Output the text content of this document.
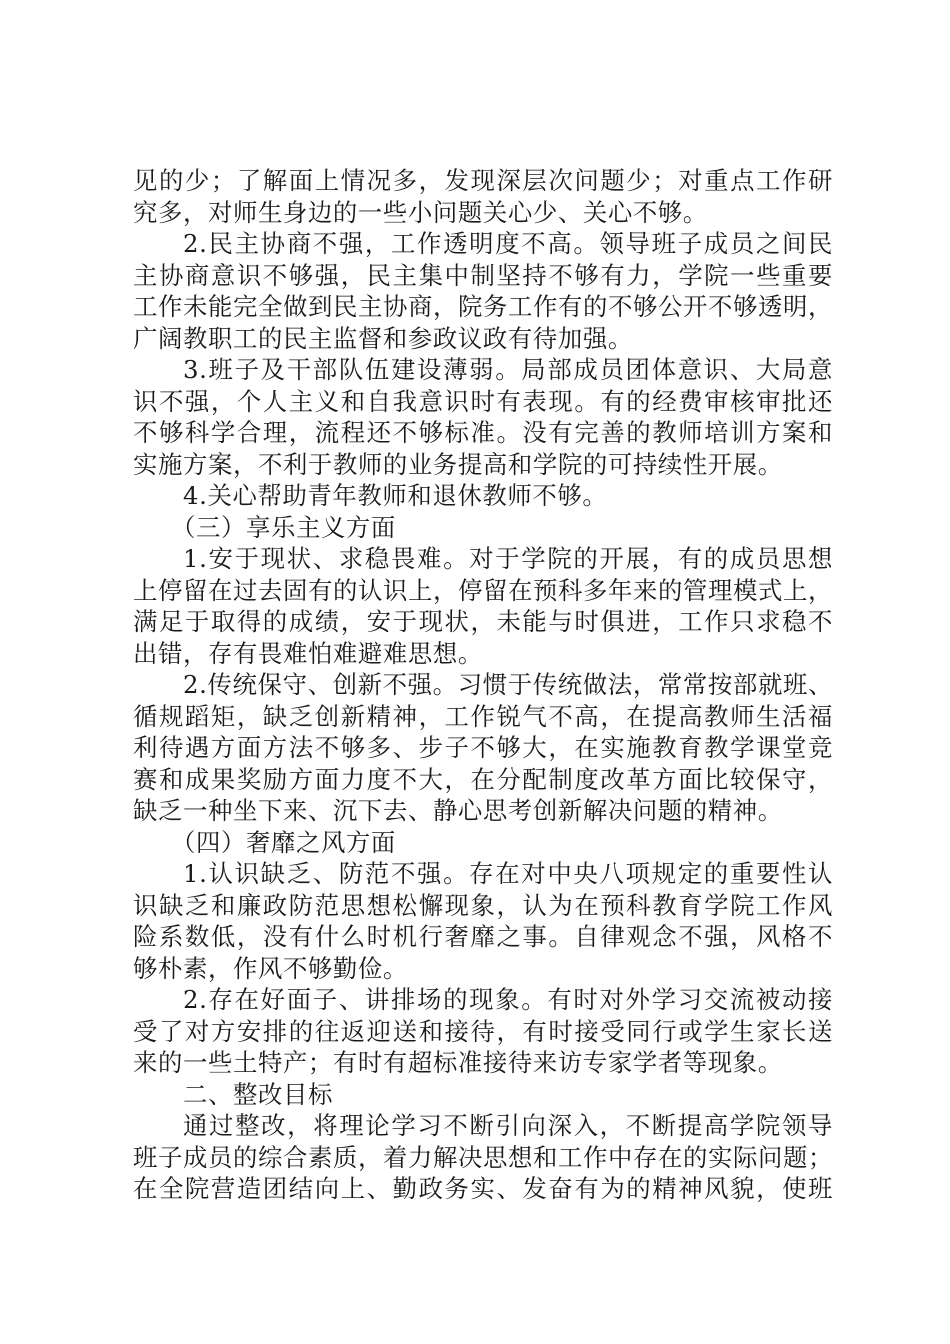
见的少；了解面上情况多，发现深层次问题少；对重点工作研
究多，对师生身边的一些小问题关心少、关心不够。
2.民主协商不强，工作透明度不高。领导班子成员之间民
主协商意识不够强，民主集中制坚持不够有力，学院一些重要
工作未能完全做到民主协商，院务工作有的不够公开不够透明，
广阔教职工的民主监督和参政议政有待加强。
3.班子及干部队伍建设薄弱。局部成员团体意识、大局意
识不强，个人主义和自我意识时有表现。有的经费审核审批还
不够科学合理，流程还不够标准。没有完善的教师培训方案和
实施方案，不利于教师的业务提高和学院的可持续性开展。
4.关心帮助青年教师和退休教师不够。
（三）享乐主义方面
1.安于现状、求稳畏难。对于学院的开展，有的成员思想
上停留在过去固有的认识上，停留在预科多年来的管理模式上，
满足于取得的成绩，安于现状，未能与时俱进，工作只求稳不
出错，存有畏难怕难避难思想。
2.传统保守、创新不强。习惯于传统做法，常常按部就班、
循规蹈矩，缺乏创新精神，工作锐气不高，在提高教师生活福
利待遇方面方法不够多、步子不够大，在实施教育教学课堂竞
赛和成果奖励方面力度不大，在分配制度改革方面比较保守，
缺乏一种坐下来、沉下去、静心思考创新解决问题的精神。
（四）奢靡之风方面
1.认识缺乏、防范不强。存在对中央八项规定的重要性认
识缺乏和廉政防范思想松懈现象，认为在预科教育学院工作风
险系数低，没有什么时机行奢靡之事。自律观念不强，风格不
够朴素，作风不够勤俭。
2.存在好面子、讲排场的现象。有时对外学习交流被动接
受了对方安排的往返迎送和接待，有时接受同行或学生家长送
来的一些土特产；有时有超标准接待来访专家学者等现象。
二、整改目标
通过整改，将理论学习不断引向深入，不断提高学院领导
班子成员的综合素质，着力解决思想和工作中存在的实际问题；
在全院营造团结向上、勤政务实、发奋有为的精神风貌，使班
